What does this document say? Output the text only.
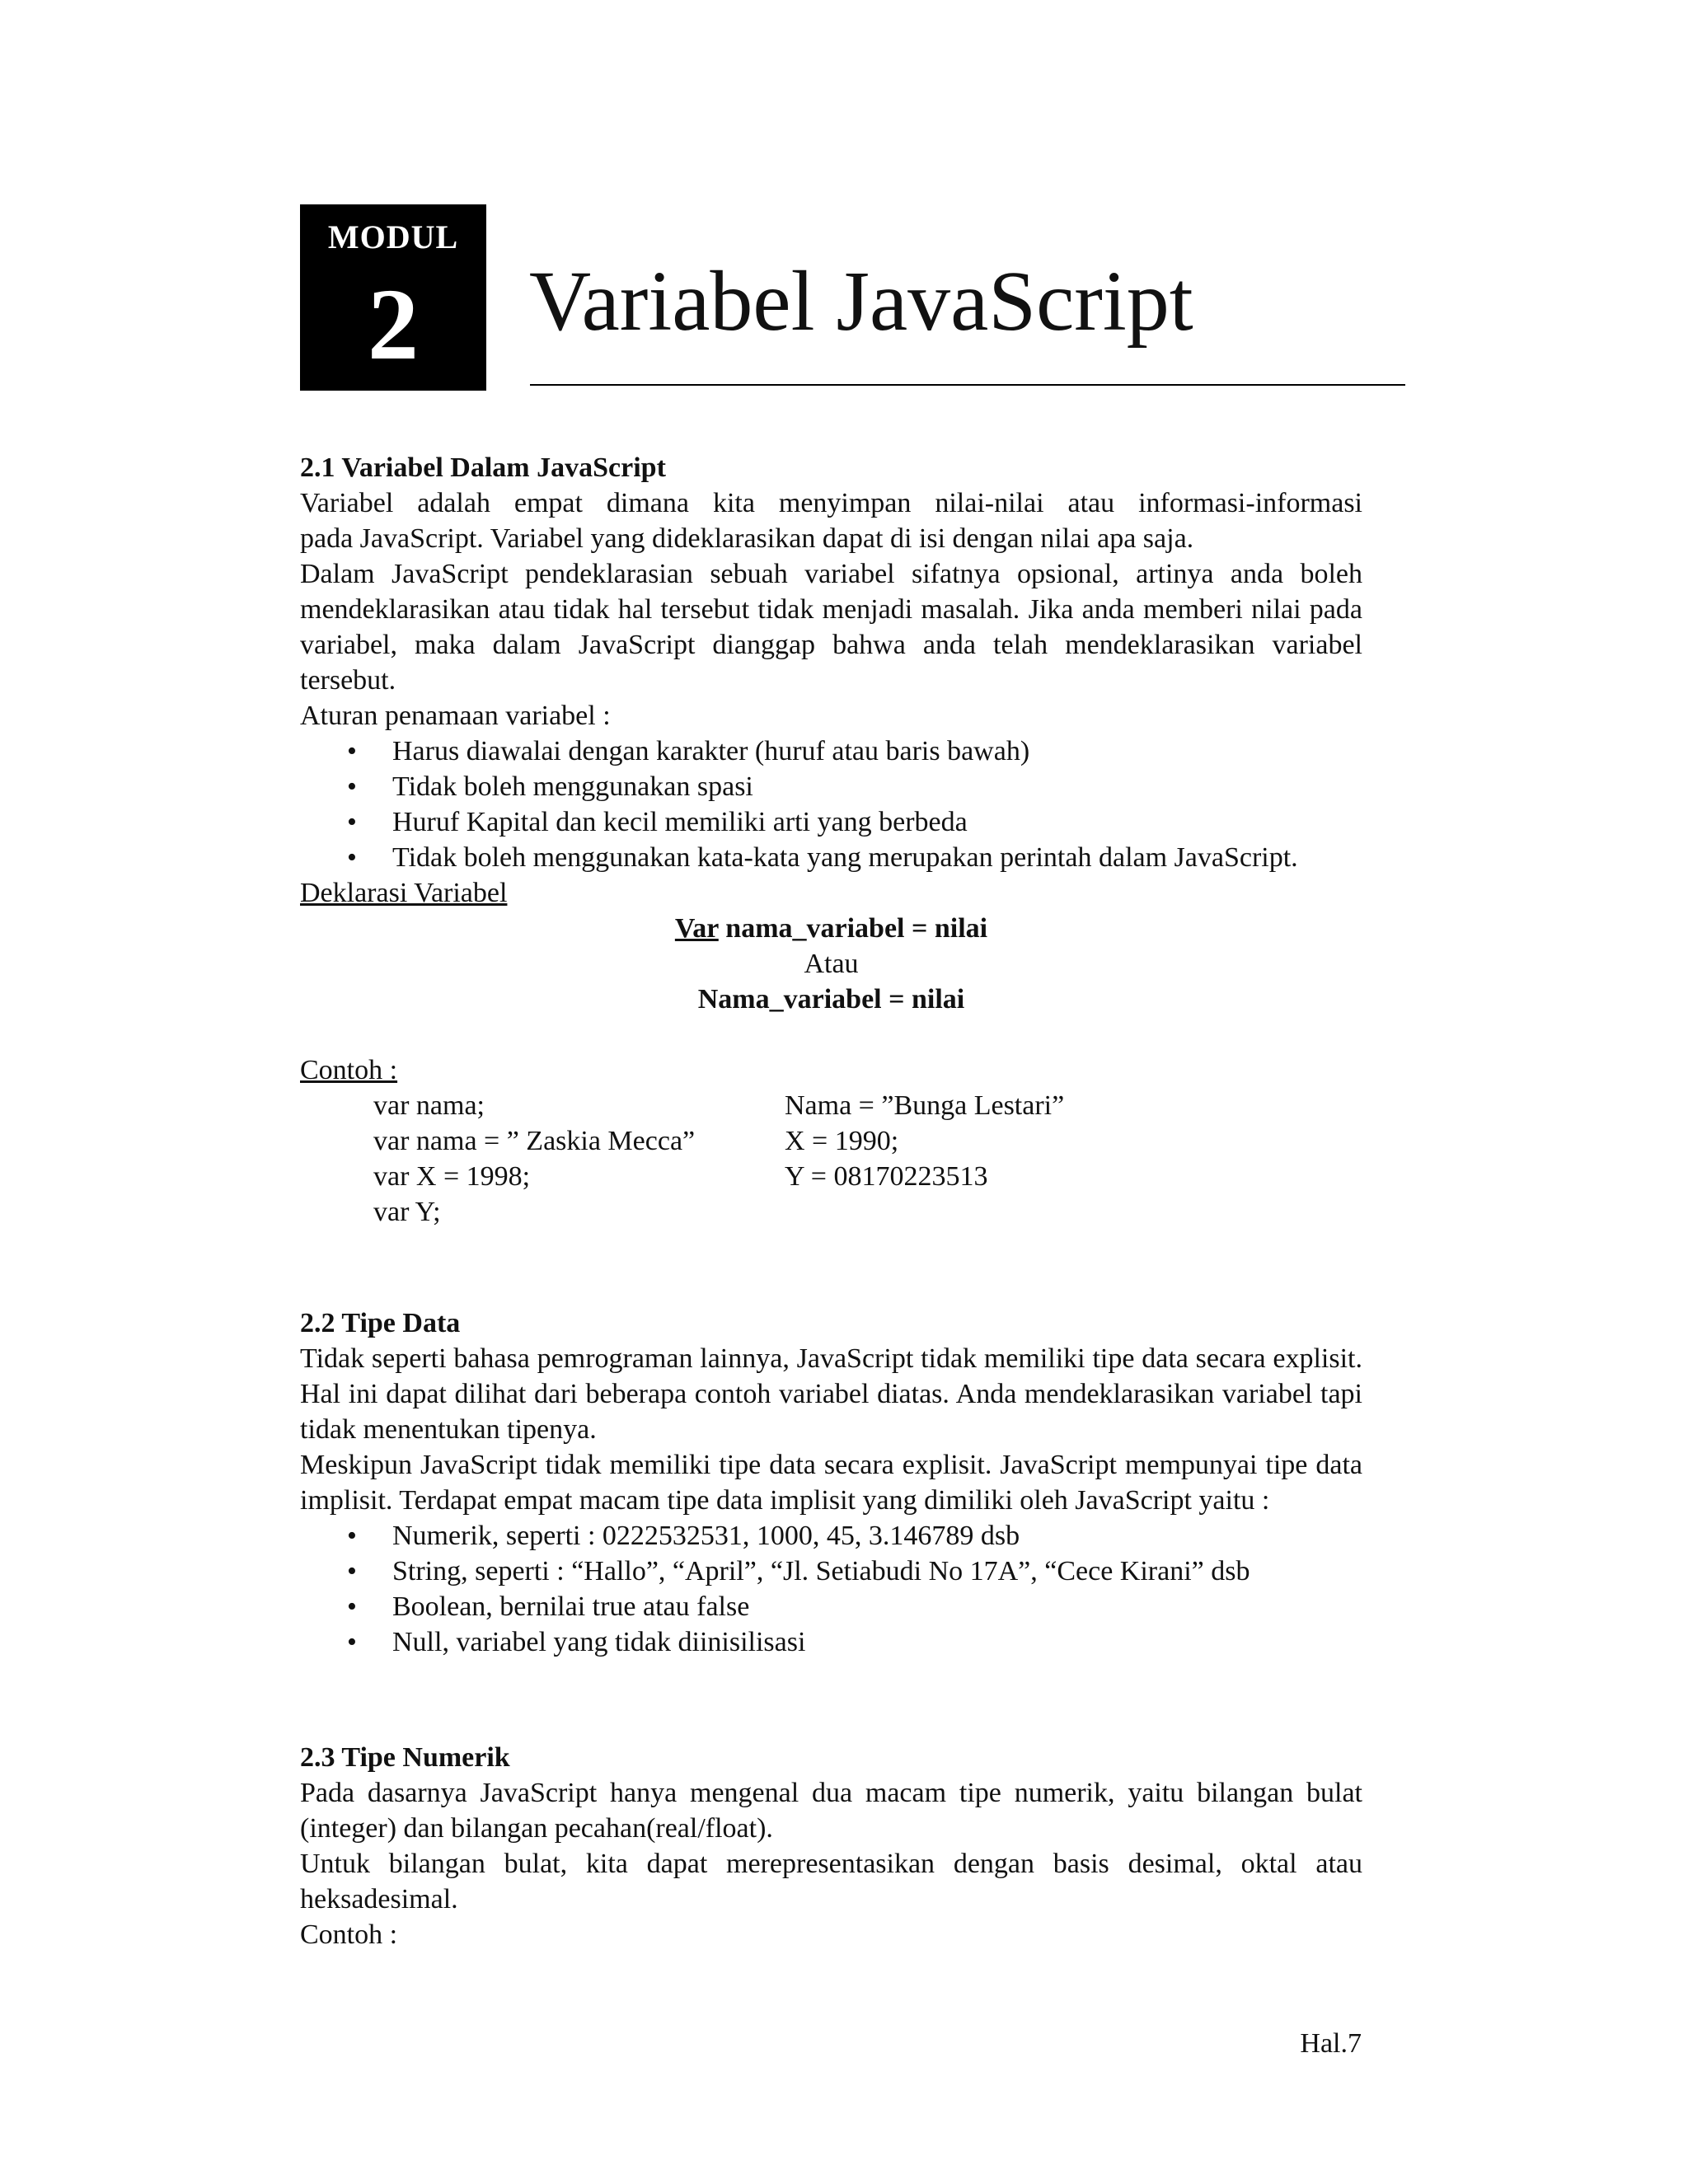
MODUL
2	Variabel JavaScript
2.1 Variabel Dalam JavaScript
Variabel adalah empat dimana kita menyimpan nilai-nilai atau informasi-informasi
pada JavaScript. Variabel yang dideklarasikan dapat di isi dengan nilai apa saja.
Dalam JavaScript pendeklarasian sebuah variabel sifatnya opsional, artinya anda boleh mendeklarasikan atau tidak hal tersebut tidak menjadi masalah. Jika anda memberi nilai pada variabel, maka dalam JavaScript dianggap bahwa anda telah mendeklarasikan variabel tersebut.
Aturan penamaan variabel :
• Harus diawalai dengan karakter (huruf atau baris bawah)
• Tidak boleh menggunakan spasi
• Huruf Kapital dan kecil memiliki arti yang berbeda
• Tidak boleh menggunakan kata-kata yang merupakan perintah dalam JavaScript.
Deklarasi Variabel
Var nama_variabel = nilai
Atau
Nama_variabel = nilai
Contoh :
var nama;	Nama = ”Bunga Lestari”
var nama = ” Zaskia Mecca”	X = 1990;
var X = 1998;	Y = 08170223513
var Y;
2.2 Tipe Data
Tidak seperti bahasa pemrograman lainnya, JavaScript tidak memiliki tipe data secara explisit. Hal ini dapat dilihat dari beberapa contoh variabel diatas. Anda mendeklarasikan variabel tapi tidak menentukan tipenya.
Meskipun JavaScript tidak memiliki tipe data secara explisit. JavaScript mempunyai tipe data implisit. Terdapat empat macam tipe data implisit yang dimiliki oleh JavaScript yaitu :
• Numerik, seperti : 0222532531, 1000, 45, 3.146789 dsb
• String, seperti : “Hallo”, “April”, “Jl. Setiabudi No 17A”, “Cece Kirani” dsb
• Boolean, bernilai true atau false
• Null, variabel yang tidak diinisilisasi
2.3 Tipe Numerik
Pada dasarnya JavaScript hanya mengenal dua macam tipe numerik, yaitu bilangan bulat (integer) dan bilangan pecahan(real/float).
Untuk bilangan bulat, kita dapat merepresentasikan dengan basis desimal, oktal atau heksadesimal.
Contoh :
Hal.7
